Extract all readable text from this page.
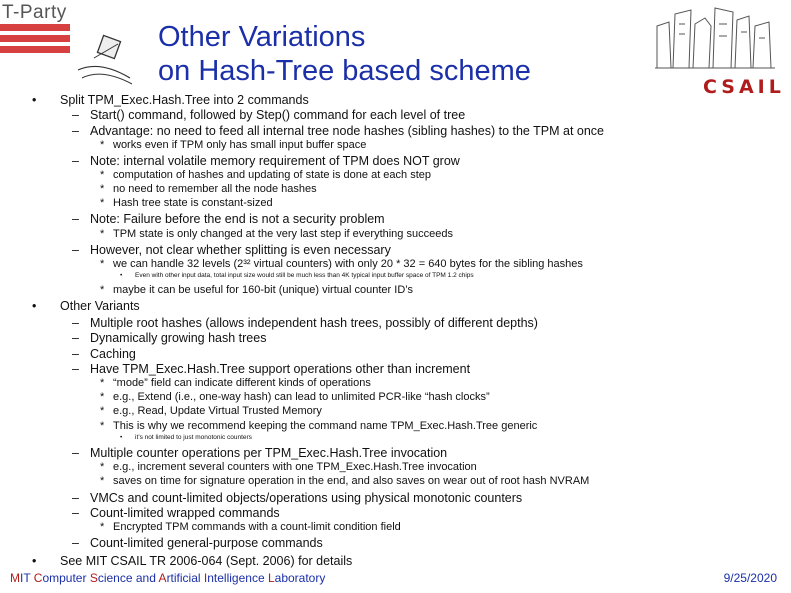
T-Party
Other Variations
on Hash-Tree based scheme	CSAIL
• Split TPM_Exec.Hash.Tree into 2 commands
– Start() command, followed by Step() command for each level of tree
– Advantage: no need to feed all internal tree node hashes (sibling hashes) to the TPM at once
* works even if TPM only has small input buffer space
– Note: internal volatile memory requirement of TPM does NOT grow
* computation of hashes and updating of state is done at each step
* no need to remember all the node hashes
* Hash tree state is constant-sized
– Note: Failure before the end is not a security problem
* TPM state is only changed at the very last step if everything succeeds
– However, not clear whether splitting is even necessary
* we can handle 32 levels (2³² virtual counters) with only 20 * 32 = 640 bytes for the sibling hashes
• Even with other input data, total input size would still be much less than 4K typical input buffer space of TPM 1.2 chips
* maybe it can be useful for 160-bit (unique) virtual counter ID’s
• Other Variants
– Multiple root hashes (allows independent hash trees, possibly of different depths)
– Dynamically growing hash trees
– Caching
– Have TPM_Exec.Hash.Tree support operations other than increment
* “mode” field can indicate different kinds of operations
* e.g., Extend (i.e., one-way hash) can lead to unlimited PCR-like “hash clocks”
* e.g., Read, Update Virtual Trusted Memory
* This is why we recommend keeping the command name TPM_Exec.Hash.Tree generic
• it’s not limited to just monotonic counters
– Multiple counter operations per TPM_Exec.Hash.Tree invocation
* e.g., increment several counters with one TPM_Exec.Hash.Tree invocation
* saves on time for signature operation in the end, and also saves on wear out of root hash NVRAM
– VMCs and count-limited objects/operations using physical monotonic counters
– Count-limited wrapped commands
* Encrypted TPM commands with a count-limit condition field
– Count-limited general-purpose commands
• See MIT CSAIL TR 2006-064 (Sept. 2006) for details
MIT Computer Science and Artificial Intelligence Laboratory	9/25/2020
